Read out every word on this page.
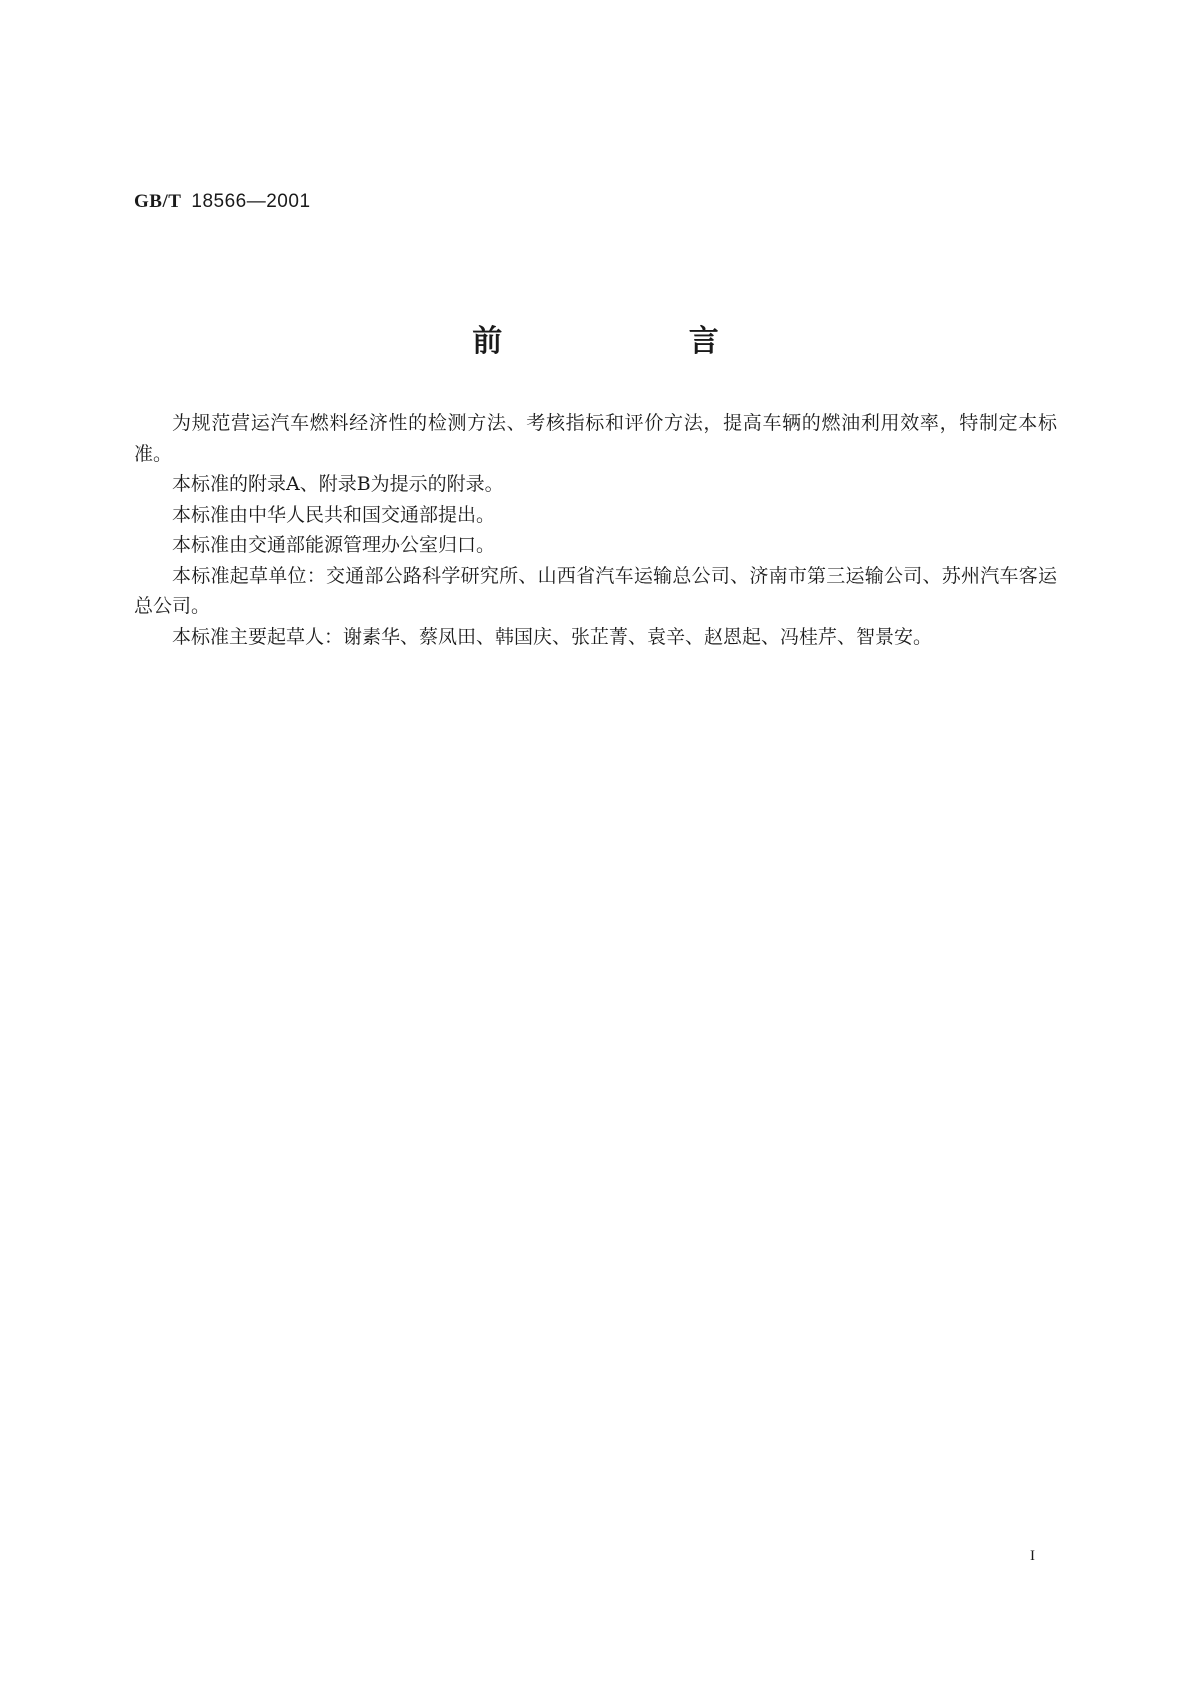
GB/T 18566—2001
前 言

为规范营运汽车燃料经济性的检测方法、考核指标和评价方法，提高车辆的燃油利用效率，特制定本标准。

本标准的附录A、附录B为提示的附录。

本标准由中华人民共和国交通部提出。

本标准由交通部能源管理办公室归口。

本标准起草单位：交通部公路科学研究所、山西省汽车运输总公司、济南市第三运输公司、苏州汽车客运总公司。

本标准主要起草人：谢素华、蔡凤田、韩国庆、张芷菁、袁辛、赵恩起、冯桂芹、智景安。

I
